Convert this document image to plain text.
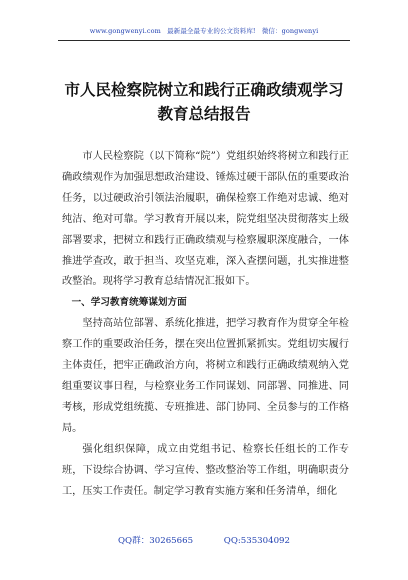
www.gongwenyi.com 最新最全最专业的公文资料库! 微信：gongwenyi
市人民检察院树立和践行正确政绩观学习
教育总结报告

市人民检察院（以下简称“院”）党组织始终将树立和践行正确政绩观作为加强思想政治建设、锤炼过硬干部队伍的重要政治任务，以过硬政治引领法治履职，确保检察工作绝对忠诚、绝对纯洁、绝对可靠。学习教育开展以来，院党组坚决贯彻落实上级部署要求，把树立和践行正确政绩观与检察履职深度融合，一体推进学查改，敢于担当、攻坚克难，深入查摆问题，扎实推进整改整治。现将学习教育总结情况汇报如下。

一、学习教育统筹谋划方面

坚持高站位部署、系统化推进，把学习教育作为贯穿全年检察工作的重要政治任务，摆在突出位置抓紧抓实。党组切实履行主体责任，把牢正确政治方向，将树立和践行正确政绩观纳入党组重要议事日程，与检察业务工作同谋划、同部署、同推进、同考核，形成党组统揽、专班推进、部门协同、全员参与的工作格局。

强化组织保障，成立由党组书记、检察长任组长的工作专班，下设综合协调、学习宣传、整改整治等工作组，明确职责分工，压实工作责任。制定学习教育实施方案和任务清单，细化

QQ群：30265665	QQ:535304092
